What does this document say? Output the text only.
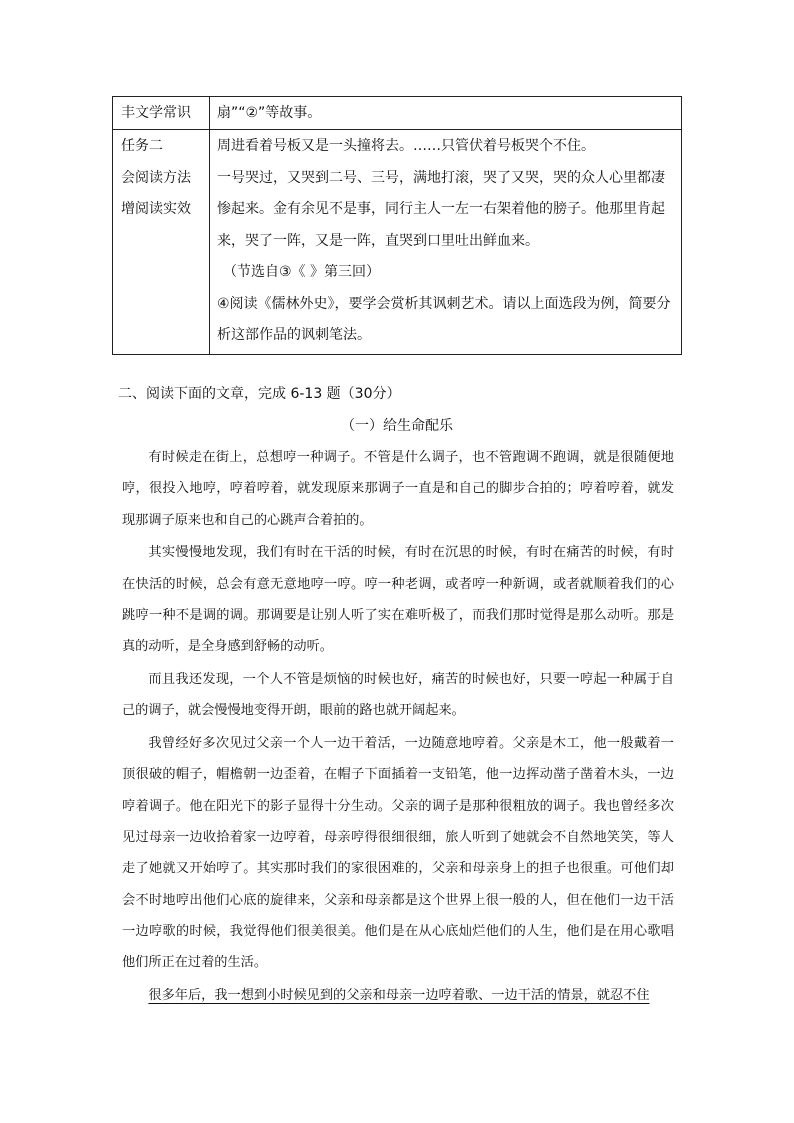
丰文学常识	扇”“②”等故事。

任务二
会阅读方法
增阅读实效	周进看着号板又是一头撞将去。……只管伏着号板哭个不住。
一号哭过，又哭到二号、三号，满地打滚，哭了又哭，哭的众人心里都凄惨起来。金有余见不是事，同行主人一左一右架着他的膀子。他那里肯起来，哭了一阵，又是一阵，直哭到口里吐出鲜血来。
（节选自③《 》第三回）
④阅读《儒林外史》，要学会赏析其讽刺艺术。请以上面选段为例，简要分析这部作品的讽刺笔法。
二、阅读下面的文章，完成 6-13 题（30分）
（一）给生命配乐

有时候走在街上，总想哼一种调子。不管是什么调子，也不管跑调不跑调，就是很随便地哼，很投入地哼，哼着哼着，就发现原来那调子一直是和自己的脚步合拍的；哼着哼着，就发现那调子原来也和自己的心跳声合着拍的。

其实慢慢地发现，我们有时在干活的时候，有时在沉思的时候，有时在痛苦的时候，有时在快活的时候，总会有意无意地哼一哼。哼一种老调，或者哼一种新调，或者就顺着我们的心跳哼一种不是调的调。那调要是让别人听了实在难听极了，而我们那时觉得是那么动听。那是真的动听，是全身感到舒畅的动听。

而且我还发现，一个人不管是烦恼的时候也好，痛苦的时候也好，只要一哼起一种属于自己的调子，就会慢慢地变得开朗，眼前的路也就开阔起来。

我曾经好多次见过父亲一个人一边干着活，一边随意地哼着。父亲是木工，他一般戴着一顶很破的帽子，帽檐朝一边歪着，在帽子下面插着一支铅笔，他一边挥动凿子凿着木头，一边哼着调子。他在阳光下的影子显得十分生动。父亲的调子是那种很粗放的调子。我也曾经多次见过母亲一边收拾着家一边哼着，母亲哼得很细很细，旅人听到了她就会不自然地笑笑，等人走了她就又开始哼了。其实那时我们的家很困难的，父亲和母亲身上的担子也很重。可他们却会不时地哼出他们心底的旋律来，父亲和母亲都是这个世界上很一般的人，但在他们一边干活一边哼歌的时候，我觉得他们很美很美。他们是在从心底灿烂他们的人生，他们是在用心歌唱他们所正在过着的生活。

很多年后，我一想到小时候见到的父亲和母亲一边哼着歌、一边干活的情景，就忍不住
